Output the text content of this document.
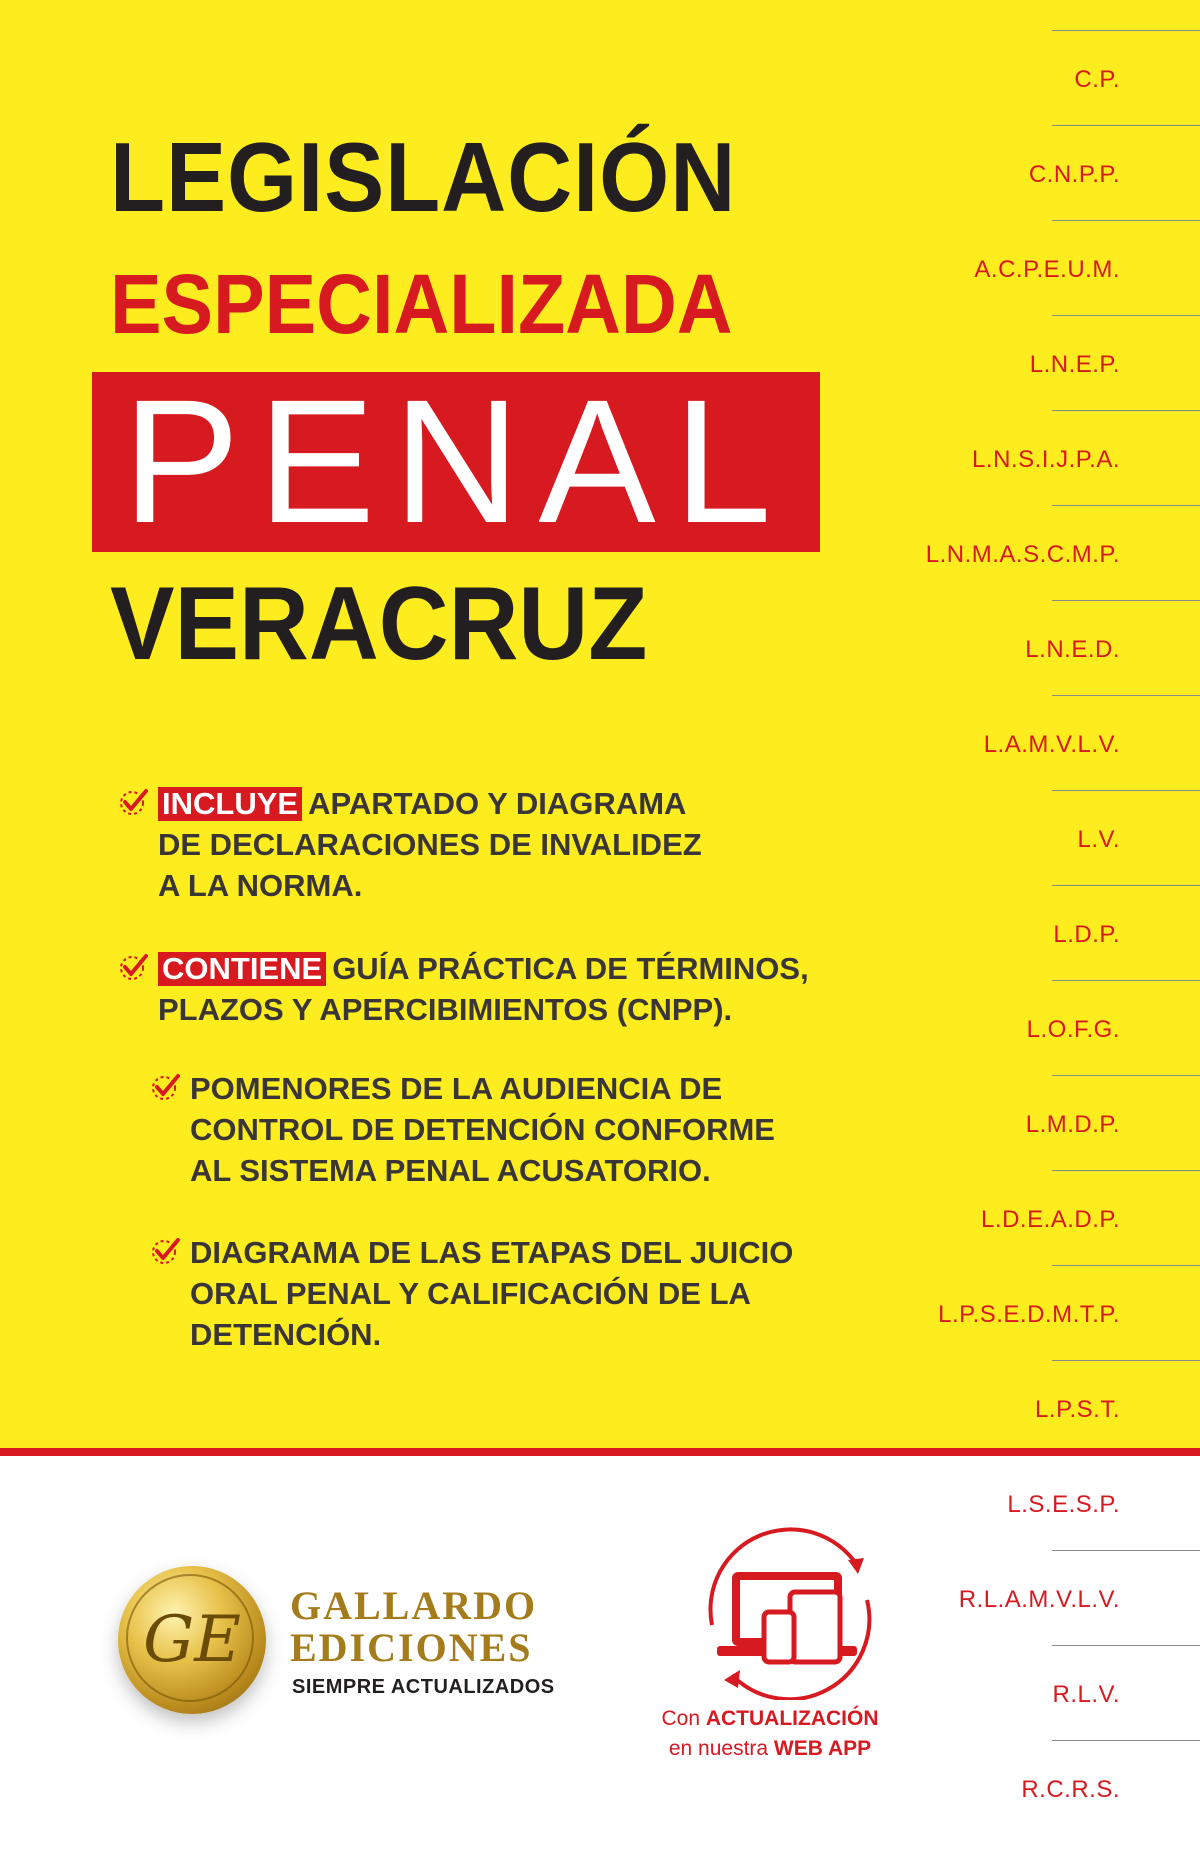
C.P.
C.N.P.P.
A.C.P.E.U.M.
L.N.E.P.
L.N.S.I.J.P.A.
L.N.M.A.S.C.M.P.
L.N.E.D.
L.A.M.V.L.V.
L.V.
L.D.P.
L.O.F.G.
L.M.D.P.
L.D.E.A.D.P.
L.P.S.E.D.M.T.P.
L.P.S.T.
L.S.E.S.P.
R.L.A.M.V.L.V.
R.L.V.
R.C.R.S.
LEGISLACIÓN
ESPECIALIZADA
PENAL
VERACRUZ
INCLUYE APARTADO Y DIAGRAMA
DE DECLARACIONES DE INVALIDEZ
A LA NORMA.
CONTIENE GUÍA PRÁCTICA DE TÉRMINOS,
PLAZOS Y APERCIBIMIENTOS (CNPP).
POMENORES DE LA AUDIENCIA DE
CONTROL DE DETENCIÓN CONFORME
AL SISTEMA PENAL ACUSATORIO.
DIAGRAMA DE LAS ETAPAS DEL JUICIO
ORAL PENAL Y CALIFICACIÓN DE LA
DETENCIÓN.
GE	GALLARDO
EDICIONES
SIEMPRE ACTUALIZADOS
Con ACTUALIZACIÓN
en nuestra WEB APP
